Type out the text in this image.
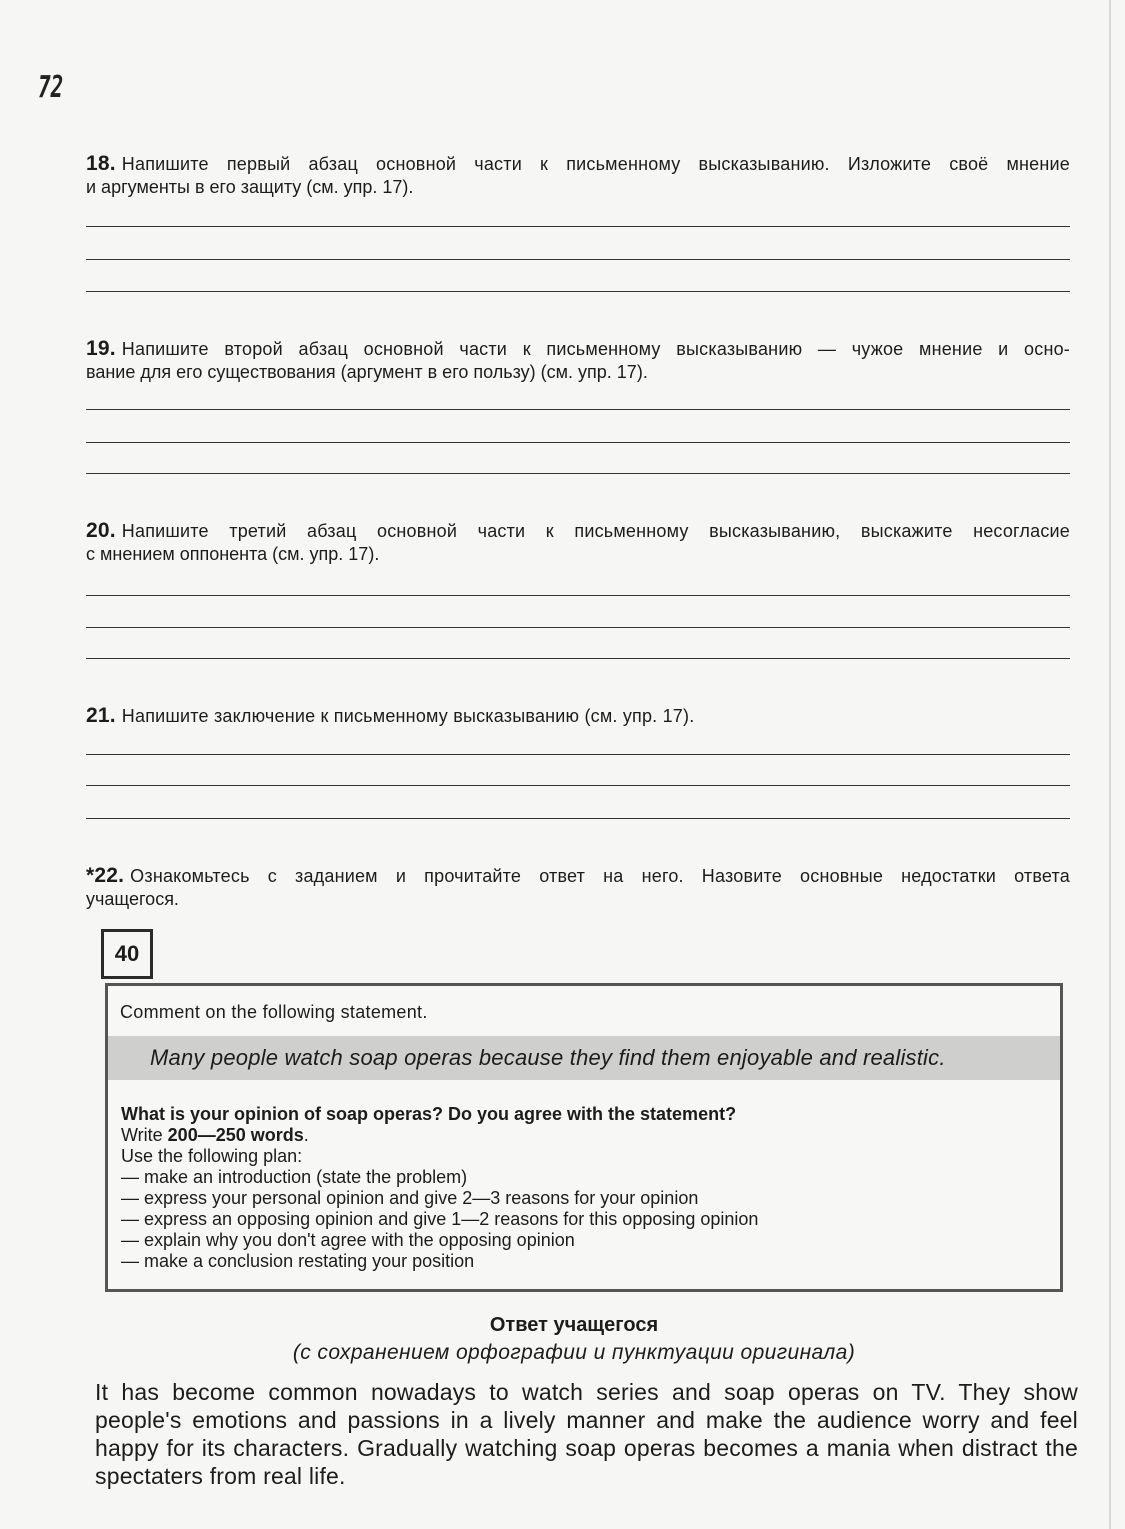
72
18. Напишите первый абзац основной части к письменному высказыванию. Изложите своё мнение
и аргументы в его защиту (см. упр. 17).
19. Напишите второй абзац основной части к письменному высказыванию — чужое мнение и осно-
вание для его существования (аргумент в его пользу) (см. упр. 17).
20. Напишите третий абзац основной части к письменному высказыванию, выскажите несогласие
с мнением оппонента (см. упр. 17).
21. Напишите заключение к письменному высказыванию (см. упр. 17).
*22. Ознакомьтесь с заданием и прочитайте ответ на него. Назовите основные недостатки ответа
учащегося.
40
Comment on the following statement.
Many people watch soap operas because they find them enjoyable and realistic.
What is your opinion of soap operas? Do you agree with the statement?
Write 200—250 words.
Use the following plan:
— make an introduction (state the problem)
— express your personal opinion and give 2—3 reasons for your opinion
— express an opposing opinion and give 1—2 reasons for this opposing opinion
— explain why you don't agree with the opposing opinion
— make a conclusion restating your position
Ответ учащегося
(с сохранением орфографии и пунктуации оригинала)
It has become common nowadays to watch series and soap operas on TV. They show people's emotions and passions in a lively manner and make the audience worry and feel happy for its characters. Gradually watching soap operas becomes a mania when distract the spectaters from real life.
